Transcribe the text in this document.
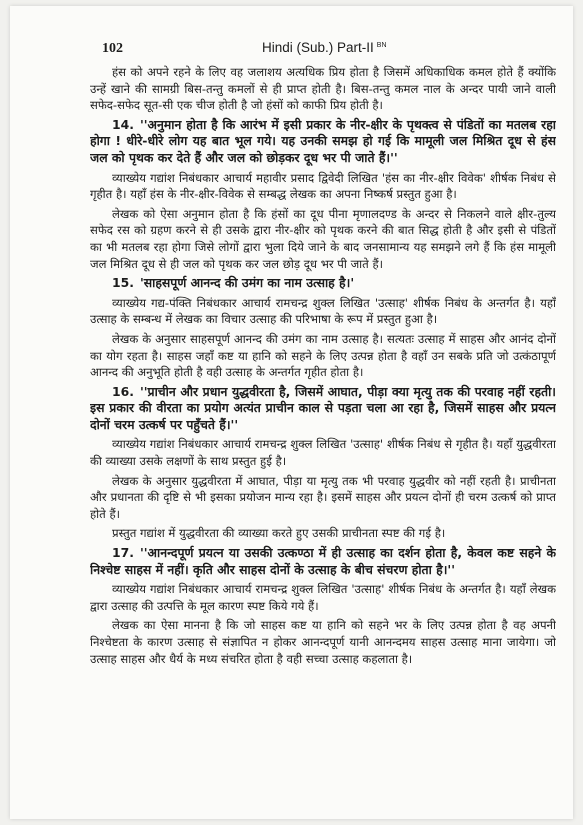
102	Hindi (Sub.) Part-II $^{BN}$

हंस को अपने रहने के लिए वह जलाशय अत्यधिक प्रिय होता है जिसमें अधिकाधिक कमल होते हैं क्योंकि उन्हें खाने की सामग्री बिस-तन्तु कमलों से ही प्राप्त होती है। बिस-तन्तु कमल नाल के अन्दर पायी जाने वाली सफेद-सफेद सूत-सी एक चीज होती है जो हंसों को काफी प्रिय होती है।

14. ''अनुमान होता है कि आरंभ में इसी प्रकार के नीर-क्षीर के पृथक्त्व से पंडितों का मतलब रहा होगा ! धीरे-धीरे लोग यह बात भूल गये। यह उनकी समझ हो गई कि मामूली जल मिश्रित दूध से हंस जल को पृथक कर देते हैं और जल को छोड़कर दूध भर पी जाते हैं।''

व्याख्येय गद्यांश निबंधकार आचार्य महावीर प्रसाद द्विवेदी लिखित 'हंस का नीर-क्षीर विवेक' शीर्षक निबंध से गृहीत है। यहाँ हंस के नीर-क्षीर-विवेक से सम्बद्ध लेखक का अपना निष्कर्ष प्रस्तुत हुआ है।

लेखक को ऐसा अनुमान होता है कि हंसों का दूध पीना मृणालदण्ड के अन्दर से निकलने वाले क्षीर-तुल्य सफेद रस को ग्रहण करने से ही उसके द्वारा नीर-क्षीर को पृथक करने की बात सिद्ध होती है और इसी से पंडितों का भी मतलब रहा होगा जिसे लोगों द्वारा भुला दिये जाने के बाद जनसामान्य यह समझने लगे हैं कि हंस मामूली जल मिश्रित दूध से ही जल को पृथक कर जल छोड़ दूध भर पी जाते हैं।

15. 'साहसपूर्ण आनन्द की उमंग का नाम उत्साह है।'

व्याख्येय गद्य-पंक्ति निबंधकार आचार्य रामचन्द्र शुक्ल लिखित 'उत्साह' शीर्षक निबंध के अन्तर्गत है। यहाँ उत्साह के सम्बन्ध में लेखक का विचार उत्साह की परिभाषा के रूप में प्रस्तुत हुआ है।

लेखक के अनुसार साहसपूर्ण आनन्द की उमंग का नाम उत्साह है। सत्यतः उत्साह में साहस और आनंद दोनों का योग रहता है। साहस जहाँ कष्ट या हानि को सहने के लिए उत्पन्न होता है वहाँ उन सबके प्रति जो उत्कंठापूर्ण आनन्द की अनुभूति होती है वही उत्साह के अन्तर्गत गृहीत होता है।

16. ''प्राचीन और प्रधान युद्धवीरता है, जिसमें आघात, पीड़ा क्या मृत्यु तक की परवाह नहीं रहती। इस प्रकार की वीरता का प्रयोग अत्यंत प्राचीन काल से पड़ता चला आ रहा है, जिसमें साहस और प्रयत्न दोनों चरम उत्कर्ष पर पहुँचते हैं।''

व्याख्येय गद्यांश निबंधकार आचार्य रामचन्द्र शुक्ल लिखित 'उत्साह' शीर्षक निबंध से गृहीत है। यहाँ युद्धवीरता की व्याख्या उसके लक्षणों के साथ प्रस्तुत हुई है।

लेखक के अनुसार युद्धवीरता में आघात, पीड़ा या मृत्यु तक भी परवाह युद्धवीर को नहीं रहती है। प्राचीनता और प्रधानता की दृष्टि से भी इसका प्रयोजन मान्य रहा है। इसमें साहस और प्रयत्न दोनों ही चरम उत्कर्ष को प्राप्त होते हैं।

प्रस्तुत गद्यांश में युद्धवीरता की व्याख्या करते हुए उसकी प्राचीनता स्पष्ट की गई है।

17. ''आनन्दपूर्ण प्रयत्न या उसकी उत्कण्ठा में ही उत्साह का दर्शन होता है, केवल कष्ट सहने के निश्चेष्ट साहस में नहीं। कृति और साहस दोनों के उत्साह के बीच संचरण होता है।''

व्याख्येय गद्यांश निबंधकार आचार्य रामचन्द्र शुक्ल लिखित 'उत्साह' शीर्षक निबंध के अन्तर्गत है। यहाँ लेखक द्वारा उत्साह की उत्पत्ति के मूल कारण स्पष्ट किये गये हैं।

लेखक का ऐसा मानना है कि जो साहस कष्ट या हानि को सहने भर के लिए उत्पन्न होता है वह अपनी निश्चेष्टता के कारण उत्साह से संज्ञापित न होकर आनन्दपूर्ण यानी आनन्दमय साहस उत्साह माना जायेगा। जो उत्साह साहस और धैर्य के मध्य संचरित होता है वही सच्चा उत्साह कहलाता है।
